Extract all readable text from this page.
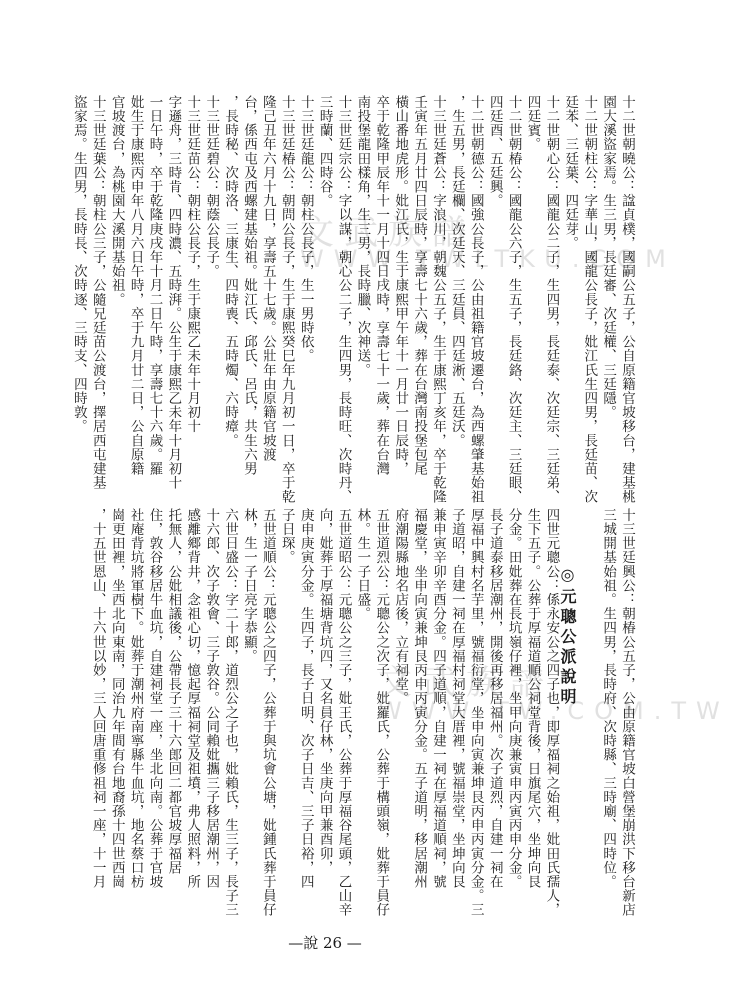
文武族譜
WWW.TWLTKU.COM
文武族譜
WWW.TW.COM.TW
十二世朝曉公：諡貞樸，國嗣公五子，公自原籍官坡移台，建基桃
園大溪盜家焉。生三男，長廷審、次廷權、三廷隱。
十二世朝柱公：字華山，國龍公長子，妣江氏生四男，長廷苗、次
廷苯、三廷葉、四廷芽。
十二世朝心公：國龍公二子，生四男，長廷泰、次廷宗、三廷弟、
四廷賓。
十二世朝椿公：國龍公六子，生五子，長廷鉻、次廷主、三廷眼、
四廷酉、五廷興。
十二世朝德公：國強公長子，公由祖籍官坡遷台，為西螺肇基始祖
，生五男，長廷欄、次廷天、三廷員、四廷淅、五廷沃。
十三世廷蒼公：字浪川，朝魏公五子，生于康熙丁亥年，卒于乾隆
壬寅年五月廿四日辰時，享壽七十六歲，葬在台灣南投堡包尾
橫山番地虎形。妣江氏，生于康熙甲午年十一月廿一日辰時，
卒于乾隆甲辰年十一月十四日戌時，享壽七十一歲，葬在台灣
南投堡龍田樣角，生三男，長時臘、次神送。
十三世廷宗公：字以謀，朝心公二子，生四男，長時旺、次時丹、
三時蘭、四時谷。
十三世廷龍公：朝柱公長子，生一男時依。
十三世廷椿公：朝問公長子，生于康熙癸巳年九月初一日，卒于乾
隆己丑年六月十九日，享壽五十七歲。公壯年由原籍官坡渡
台，係西屯及西螺建基始祖。妣江氏、邱氏、呂氏，共生六男
，長時秘、次時洛、三康生、四時喪、五時燭、六時瘴。
十三世廷碧公：朝蔭公長子。
十三世廷苗公：朝柱公長子，生于康熙乙未年十月初十
字遜舟，三時肯、四時濃、五時湃。公生于康熙乙未年十月初十
一日午時，卒于乾隆庚戌年十月二日午時，享壽七十六歲。羅
妣生于康熙丙申年八月六日午時，卒于九月廿二日，公自原籍
官坡渡台，為桃園大溪開基始祖。
十三世廷葉公：朝柱公三子，公隨兄廷苗公渡台，擇居西屯建基
盜家焉。生四男，長時長、次時逐、三時支、四時敦。
◎元聰公派說明	十三世廷興公：朝椿公五子，公由原籍官坡白營堡崩洪下移台新店
三城開基始祖。生四男，長時府、次時縣、三時廟、四時位。
四世元聰公：係永安公之四子也，即厚福祠之始祖，妣田氏孺人，
生下五子。公葬于厚福道順公祠堂背後，日旗尾穴，坐坤向艮
分金。田妣葬在長坑嶺仔裡，坐甲向庚兼寅申丙寅丙申分金。
長子道泰移居潮州，開後再移居福州。次子道烈，自建一祠在
厚福中興村名芋里，號福衍堂，坐申向寅兼坤艮丙申丙寅分金。三
子道昭，自建一祠在厚福村祠堂大厝裡，號福崇堂，坐坤向艮
兼申寅辛卯辛酉分金。四子道順，自建一祠在厚福道順祠，號
福慶堂，坐申向寅兼坤艮丙申丙寅分金。五子道明，移居潮州
府潮陽縣地名店後，立有祠堂。
五世道烈公：元聰公之次子，妣羅氏，公葬于構頭嶺，妣葬于員仔
林。生一子日盛。
五世道昭公：元聰公之三子，妣王氏，公葬于厚福谷尾頭，乙山辛
向，妣葬于厚福塘背坑四，又名員仔林，坐庚向甲兼酉卯，
庚申庚寅分金。生四子，長子日明、次子日吉、三子日裕，四
子日琛。
五世道順公：元聰公之四子，公葬于與坑會公塘，妣鍾氏葬于員仔
林，生一子日亮字恭顯。
六世日盛公：字二十郎，道烈公之子也，妣賴氏，生三子，長子三
十六郎、次子敦會、三子敦谷。公同賴妣攜三子移居潮州，因
感離鄉背井，念祖心切，憶起厚福祠堂及祖墳，弗人照料，所
托無人，公妣相議後，公帶長子三十六郎回二都官坡厚福居
住，敦谷移居牛血坑，自建祠堂一座，坐北向南。公葬于官坡
社庵背坑將軍樹下。妣葬于潮州府南寧縣牛血坑，地名蔡口枋
崗更田裡，坐西北向東南，同治九年間有台地裔孫十四世西崗
，十五世恩山、十六世以妙，三人回唐重修祖祠一座，十一月
—說 26 —
